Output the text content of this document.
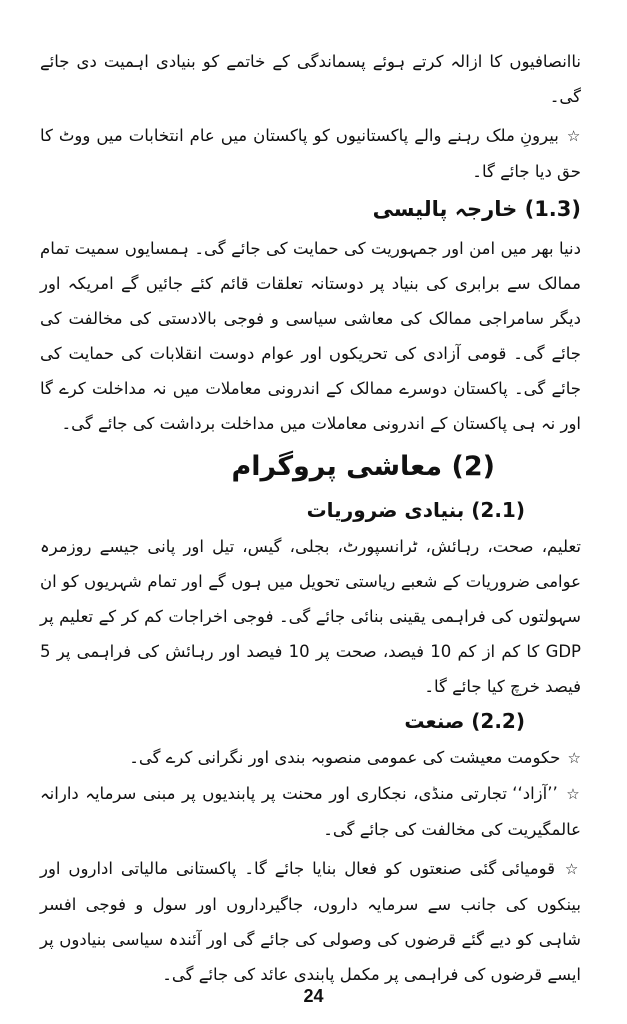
ناانصافیوں کا ازالہ کرتے ہوئے پسماندگی کے خاتمے کو بنیادی اہمیت دی جائے گی۔

☆ بیرونِ ملک رہنے والے پاکستانیوں کو پاکستان میں عام انتخابات میں ووٹ کا حق دیا جائے گا۔

(1.3) خارجہ پالیسی

دنیا بھر میں امن اور جمہوریت کی حمایت کی جائے گی۔ ہمسایوں سمیت تمام ممالک سے برابری کی بنیاد پر دوستانہ تعلقات قائم کئے جائیں گے امریکہ اور دیگر سامراجی ممالک کی معاشی سیاسی و فوجی بالادستی کی مخالفت کی جائے گی۔ قومی آزادی کی تحریکوں اور عوام دوست انقلابات کی حمایت کی جائے گی۔ پاکستان دوسرے ممالک کے اندرونی معاملات میں نہ مداخلت کرے گا اور نہ ہی پاکستان کے اندرونی معاملات میں مداخلت برداشت کی جائے گی۔

(2) معاشی پروگرام
(2.1) بنیادی ضروریات

تعلیم، صحت، رہائش، ٹرانسپورٹ، بجلی، گیس، تیل اور پانی جیسے روزمرہ عوامی ضروریات کے شعبے ریاستی تحویل میں ہوں گے اور تمام شہریوں کو ان سہولتوں کی فراہمی یقینی بنائی جائے گی۔ فوجی اخراجات کم کر کے تعلیم پر GDP کا کم از کم 10 فیصد، صحت پر 10 فیصد اور رہائش کی فراہمی پر 5 فیصد خرچ کیا جائے گا۔

(2.2) صنعت

☆ حکومت معیشت کی عمومی منصوبہ بندی اور نگرانی کرے گی۔

☆ ’’آزاد‘‘ تجارتی منڈی، نجکاری اور محنت پر پابندیوں پر مبنی سرمایہ دارانہ عالمگیریت کی مخالفت کی جائے گی۔

☆ قومیائی گئی صنعتوں کو فعال بنایا جائے گا۔ پاکستانی مالیاتی اداروں اور بینکوں کی جانب سے سرمایہ داروں، جاگیرداروں اور سول و فوجی افسر شاہی کو دیے گئے قرضوں کی وصولی کی جائے گی اور آئندہ سیاسی بنیادوں پر ایسے قرضوں کی فراہمی پر مکمل پابندی عائد کی جائے گی۔

24
